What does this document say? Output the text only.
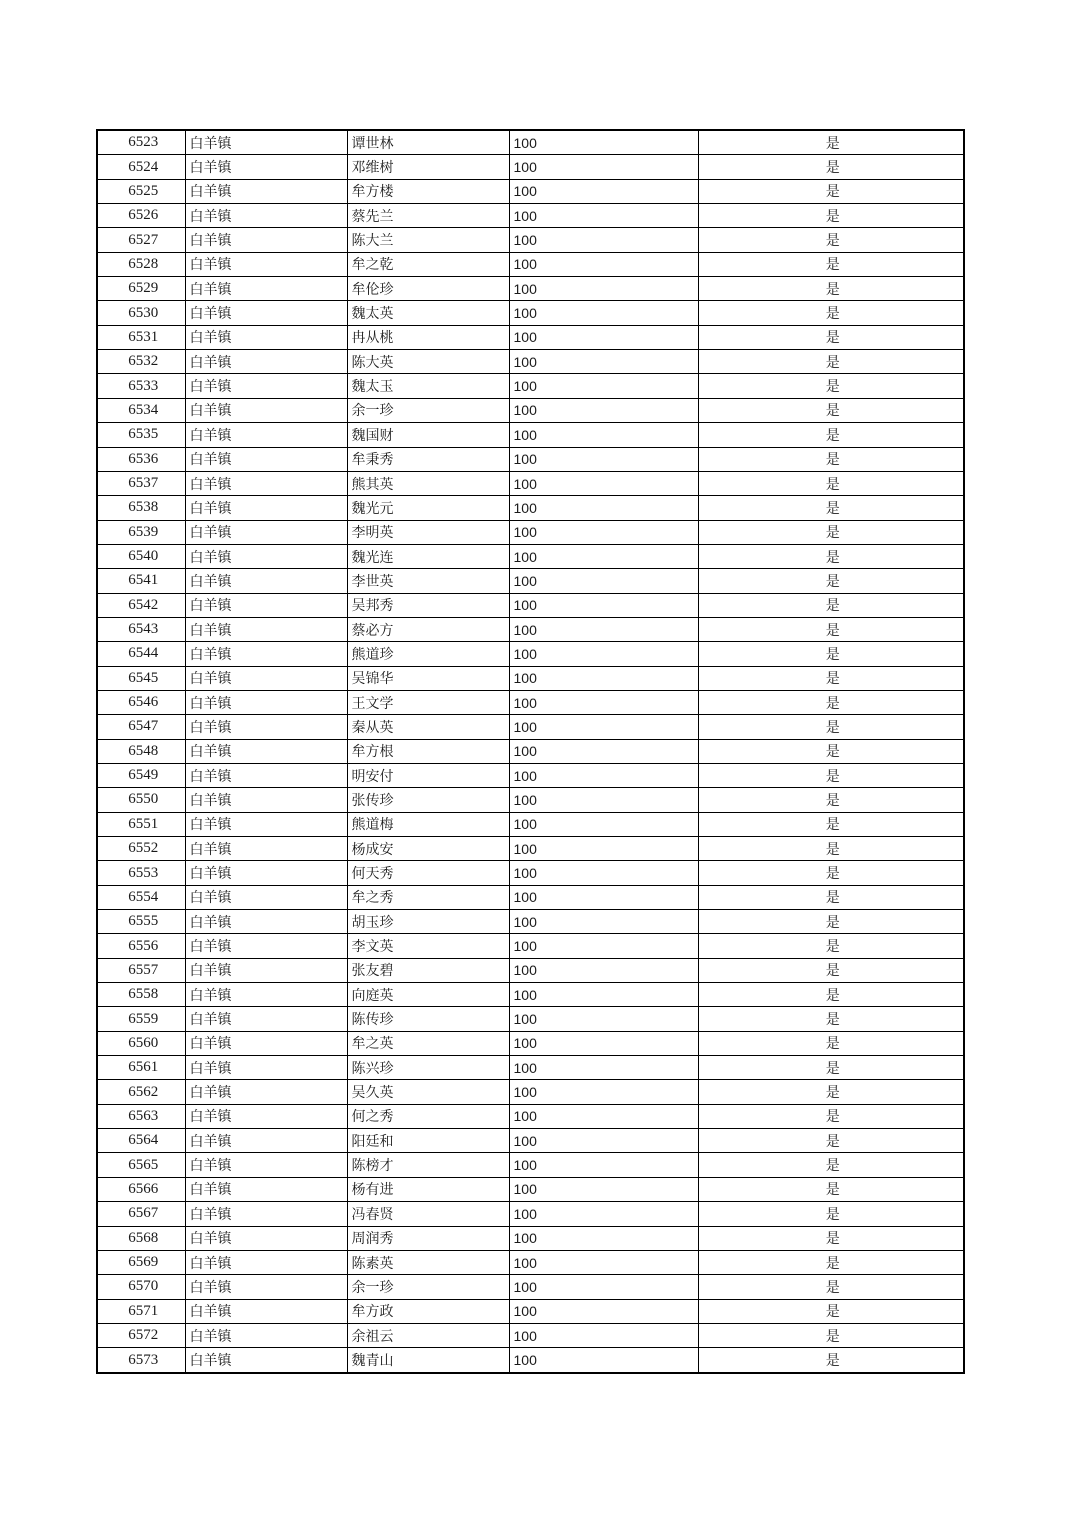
6523	白羊镇	谭世林	100	是
6524	白羊镇	邓维树	100	是
6525	白羊镇	牟方楼	100	是
6526	白羊镇	蔡先兰	100	是
6527	白羊镇	陈大兰	100	是
6528	白羊镇	牟之乾	100	是
6529	白羊镇	牟伦珍	100	是
6530	白羊镇	魏太英	100	是
6531	白羊镇	冉从桃	100	是
6532	白羊镇	陈大英	100	是
6533	白羊镇	魏太玉	100	是
6534	白羊镇	余一珍	100	是
6535	白羊镇	魏国财	100	是
6536	白羊镇	牟秉秀	100	是
6537	白羊镇	熊其英	100	是
6538	白羊镇	魏光元	100	是
6539	白羊镇	李明英	100	是
6540	白羊镇	魏光连	100	是
6541	白羊镇	李世英	100	是
6542	白羊镇	吴邦秀	100	是
6543	白羊镇	蔡必方	100	是
6544	白羊镇	熊道珍	100	是
6545	白羊镇	吴锦华	100	是
6546	白羊镇	王文学	100	是
6547	白羊镇	秦从英	100	是
6548	白羊镇	牟方根	100	是
6549	白羊镇	明安付	100	是
6550	白羊镇	张传珍	100	是
6551	白羊镇	熊道梅	100	是
6552	白羊镇	杨成安	100	是
6553	白羊镇	何天秀	100	是
6554	白羊镇	牟之秀	100	是
6555	白羊镇	胡玉珍	100	是
6556	白羊镇	李文英	100	是
6557	白羊镇	张友碧	100	是
6558	白羊镇	向庭英	100	是
6559	白羊镇	陈传珍	100	是
6560	白羊镇	牟之英	100	是
6561	白羊镇	陈兴珍	100	是
6562	白羊镇	吴久英	100	是
6563	白羊镇	何之秀	100	是
6564	白羊镇	阳廷和	100	是
6565	白羊镇	陈榜才	100	是
6566	白羊镇	杨有进	100	是
6567	白羊镇	冯春贤	100	是
6568	白羊镇	周润秀	100	是
6569	白羊镇	陈素英	100	是
6570	白羊镇	余一珍	100	是
6571	白羊镇	牟方政	100	是
6572	白羊镇	余祖云	100	是
6573	白羊镇	魏青山	100	是
